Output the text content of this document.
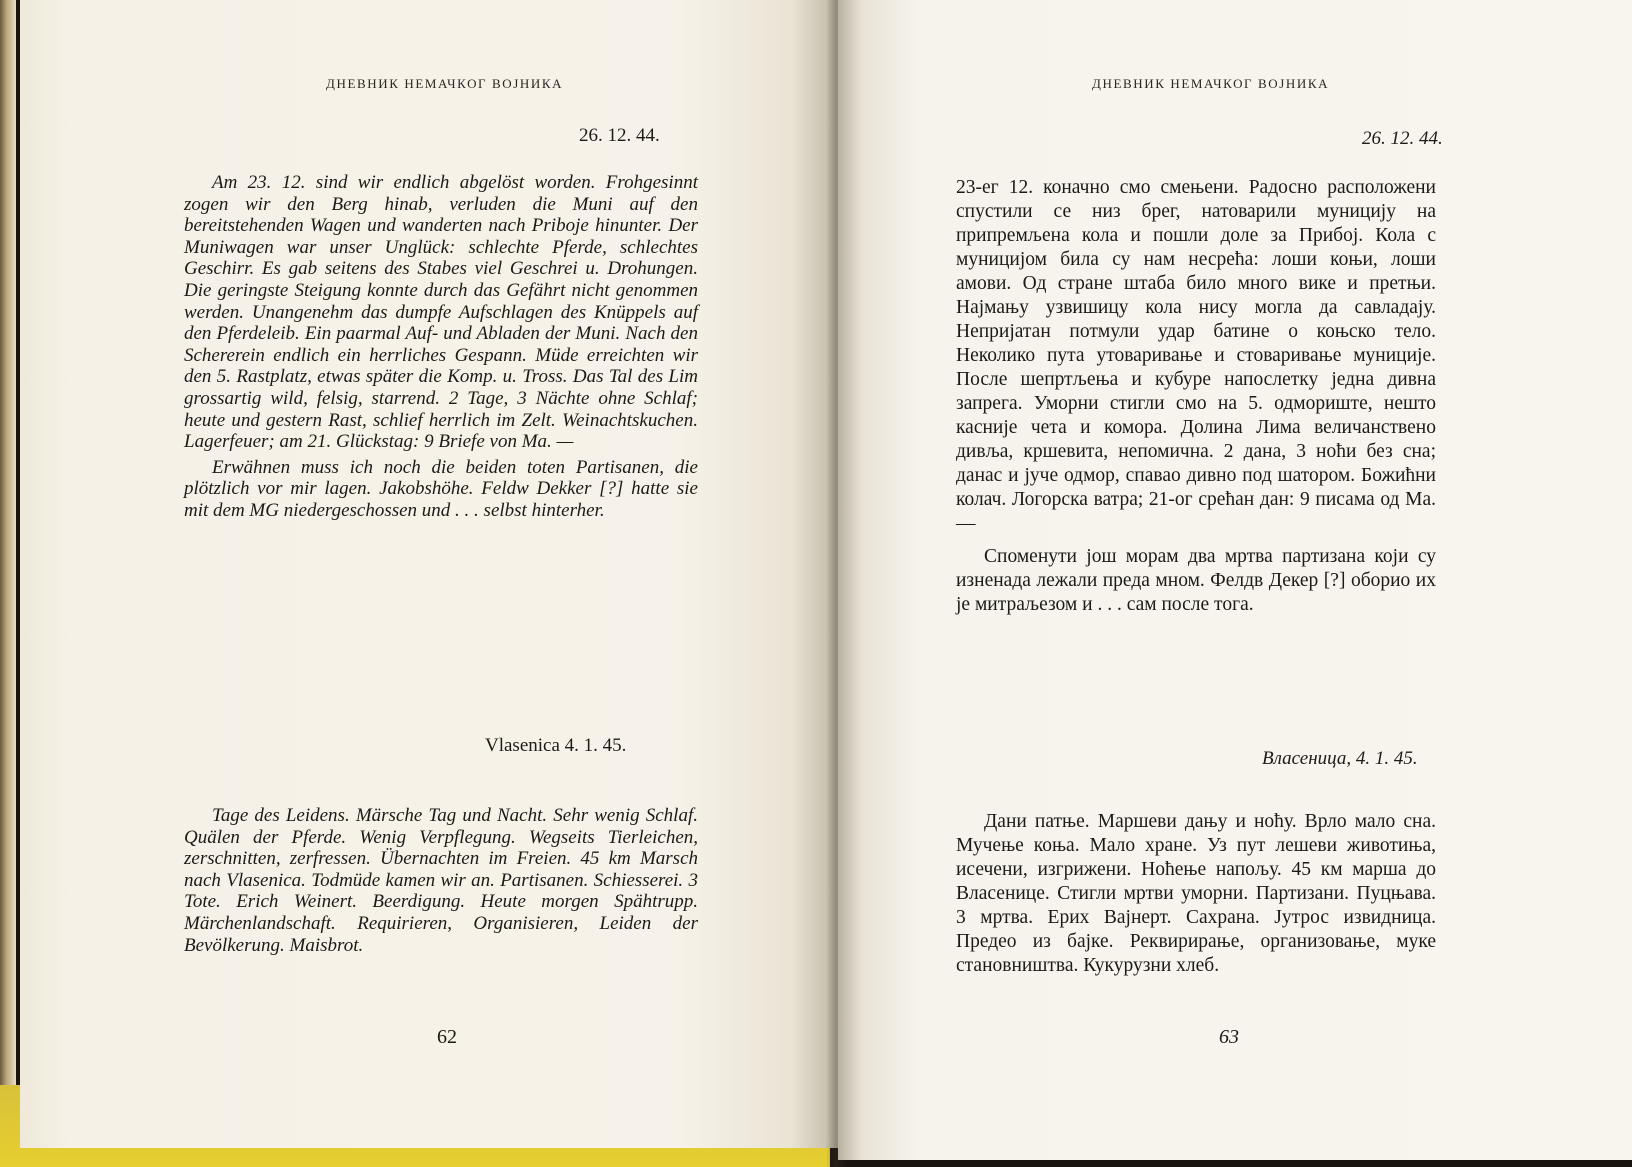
ДНЕВНИК НЕМАЧКОГ ВОЈНИКА
26. 12. 44.

Am 23. 12. sind wir endlich abgelöst worden. Frohgesinnt zogen wir den Berg hinab, verluden die Muni auf den bereitstehenden Wagen und wanderten nach Priboje hinunter. Der Muniwagen war unser Unglück: schlechte Pferde, schlechtes Geschirr. Es gab seitens des Stabes viel Geschrei u. Drohungen. Die geringste Steigung konnte durch das Gefährt nicht genommen werden. Unangenehm das dumpfe Aufschlagen des Knüppels auf den Pferdeleib. Ein paarmal Auf- und Abladen der Muni. Nach den Schererein endlich ein herrliches Gespann. Müde erreichten wir den 5. Rastplatz, etwas später die Komp. u. Tross. Das Tal des Lim grossartig wild, felsig, starrend. 2 Tage, 3 Nächte ohne Schlaf; heute und gestern Rast, schlief herrlich im Zelt. Weinachtskuchen. Lagerfeuer; am 21. Glückstag: 9 Briefe von Ma. —

Erwähnen muss ich noch die beiden toten Partisanen, die plötzlich vor mir lagen. Jakobshöhe. Feldw Dekker [?] hatte sie mit dem MG niedergeschossen und . . . selbst hinterher.

Vlasenica 4. 1. 45.

Tage des Leidens. Märsche Tag und Nacht. Sehr wenig Schlaf. Quälen der Pferde. Wenig Verpflegung. Wegseits Tierleichen, zerschnitten, zerfressen. Übernachten im Freien. 45 km Marsch nach Vlasenica. Todmüde kamen wir an. Partisanen. Schiesserei. 3 Tote. Erich Weinert. Beerdigung. Heute morgen Spähtrupp. Märchenlandschaft. Requirieren, Organisieren, Leiden der Bevölkerung. Maisbrot.

62
ДНЕВНИК НЕМАЧКОГ ВОЈНИКА
26. 12. 44.

23-ег 12. коначно смо смењени. Радосно расположени спустили се низ брег, натоварили муницију на припремљена кола и пошли доле за Прибој. Кола с муницијом била су нам несрећа: лоши коњи, лоши амови. Од стране штаба било много вике и претњи. Најмању узвишицу кола нису могла да савладају. Непријатан потмули удар батине о коњско тело. Неколико пута утоваривање и стоваривање муниције. После шепртљења и кубуре напослетку једна дивна запрега. Уморни стигли смо на 5. одмориште, нешто касније чета и комора. Долина Лима величанствено дивља, кршевита, непомична. 2 дана, 3 ноћи без сна; данас и јуче одмор, спавао дивно под шатором. Божићни колач. Логорска ватра; 21-ог срећан дан: 9 писама од Ма. —

Споменути још морам два мртва партизана који су изненада лежали преда мном. Фелдв Декер [?] оборио их је митраљезом и . . . сам после тога.

Власеница, 4. 1. 45.

Дани патње. Маршеви дању и ноћу. Врло мало сна. Мучење коња. Мало хране. Уз пут лешеви животиња, исечени, изгрижени. Ноћење напољу. 45 км марша до Власенице. Стигли мртви уморни. Партизани. Пуцњава. 3 мртва. Ерих Вајнерт. Сахрана. Јутрос извидница. Предео из бајке. Реквирирање, организовање, муке становништва. Кукурузни хлеб.

63
